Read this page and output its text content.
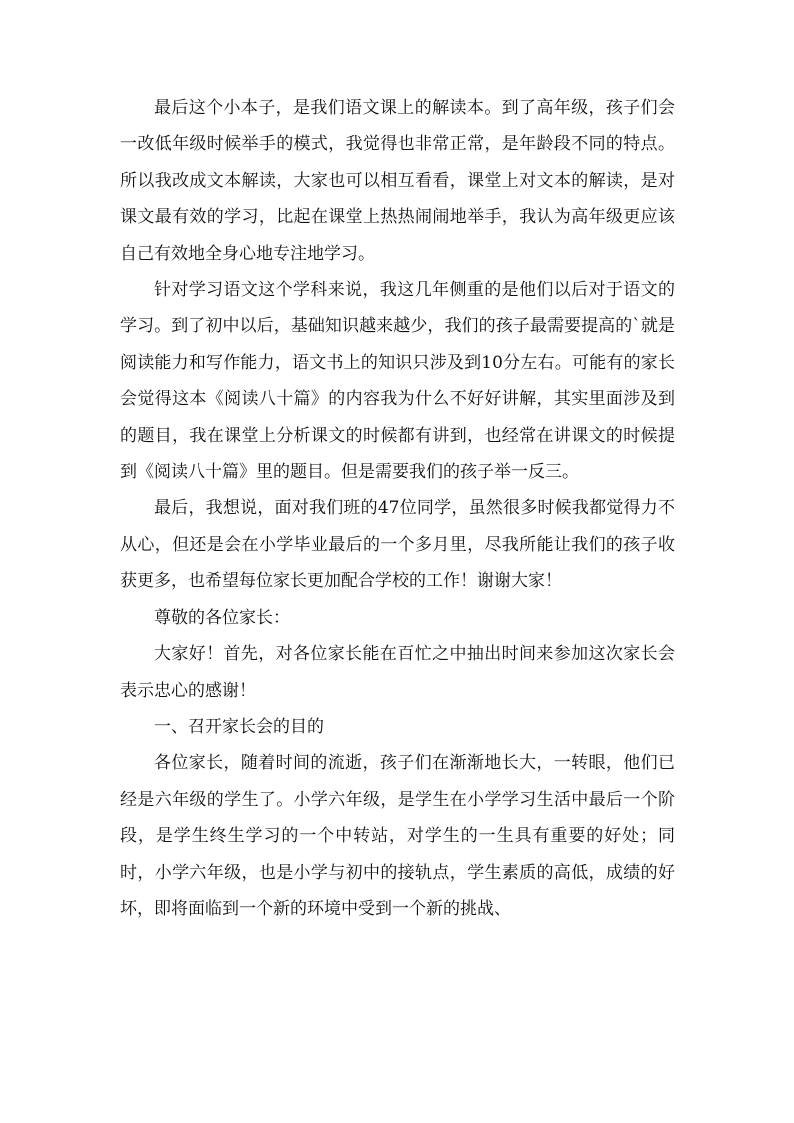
最后这个小本子，是我们语文课上的解读本。到了高年级，孩子们会一改低年级时候举手的模式，我觉得也非常正常，是年龄段不同的特点。所以我改成文本解读，大家也可以相互看看，课堂上对文本的解读，是对课文最有效的学习，比起在课堂上热热闹闹地举手，我认为高年级更应该自己有效地全身心地专注地学习。

针对学习语文这个学科来说，我这几年侧重的是他们以后对于语文的学习。到了初中以后，基础知识越来越少，我们的孩子最需要提高的`就是阅读能力和写作能力，语文书上的知识只涉及到10分左右。可能有的家长会觉得这本《阅读八十篇》的内容我为什么不好好讲解，其实里面涉及到的题目，我在课堂上分析课文的时候都有讲到，也经常在讲课文的时候提到《阅读八十篇》里的题目。但是需要我们的孩子举一反三。

最后，我想说，面对我们班的47位同学，虽然很多时候我都觉得力不从心，但还是会在小学毕业最后的一个多月里，尽我所能让我们的孩子收获更多，也希望每位家长更加配合学校的工作！谢谢大家！

尊敬的各位家长：

大家好！首先，对各位家长能在百忙之中抽出时间来参加这次家长会表示忠心的感谢！

一、召开家长会的目的

各位家长，随着时间的流逝，孩子们在渐渐地长大，一转眼，他们已经是六年级的学生了。小学六年级，是学生在小学学习生活中最后一个阶段，是学生终生学习的一个中转站，对学生的一生具有重要的好处；同时，小学六年级，也是小学与初中的接轨点，学生素质的高低，成绩的好坏，即将面临到一个新的环境中受到一个新的挑战、
